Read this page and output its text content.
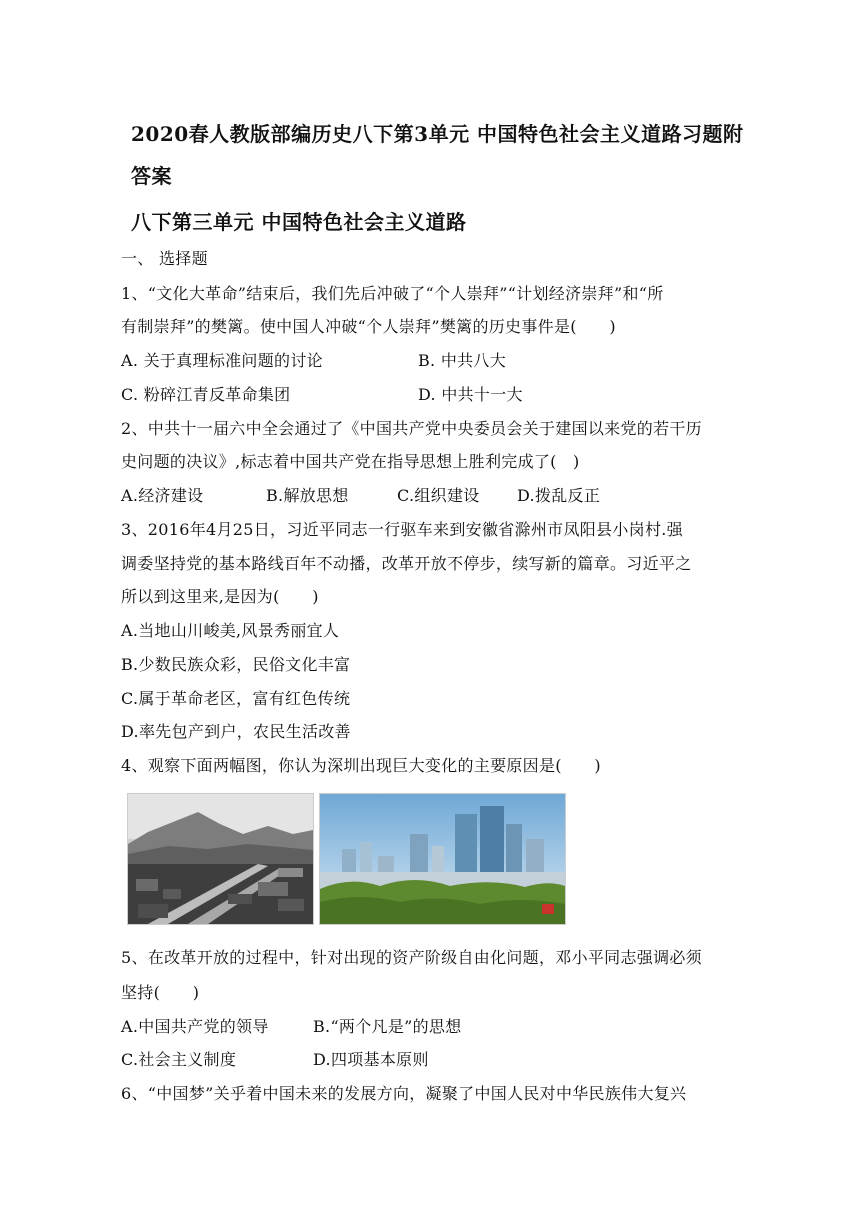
2020春人教版部编历史八下第3单元 中国特色社会主义道路习题附
答案
八下第三单元 中国特色社会主义道路
一、 选择题
1、“文化大革命”结束后，我们先后冲破了“个人崇拜”“计划经济崇拜”和“所
有制崇拜”的樊篱。使中国人冲破“个人崇拜”樊篱的历史事件是(　　)
A. 关于真理标准问题的讨论	B. 中共八大
C. 粉碎江青反革命集团	D. 中共十一大
2、中共十一届六中全会通过了《中国共产党中央委员会关于建国以来党的若干历
史问题的决议》,标志着中国共产党在指导思想上胜利完成了(　)
A.经济建设	B.解放思想	C.组织建设 D.拨乱反正
3、2016年4月25日，习近平同志一行驱车来到安徽省滁州市凤阳县小岗村.强
调委坚持党的基本路线百年不动播，改革开放不停步，续写新的篇章。习近平之
所以到这里来,是因为(　　)
A.当地山川峻美,风景秀丽宜人
B.少数民族众彩，民俗文化丰富
C.属于革命老区，富有红色传统
D.率先包产到户，农民生活改善
4、观察下面两幅图，你认为深圳出现巨大变化的主要原因是(　　)
5、在改革开放的过程中，针对出现的资产阶级自由化问题，邓小平同志强调必须
坚持(　　)
A.中国共产党的领导	B.“两个凡是”的思想
C.社会主义制度	D.四项基本原则
6、“中国梦”关乎着中国未来的发展方向，凝聚了中国人民对中华民族伟大复兴
